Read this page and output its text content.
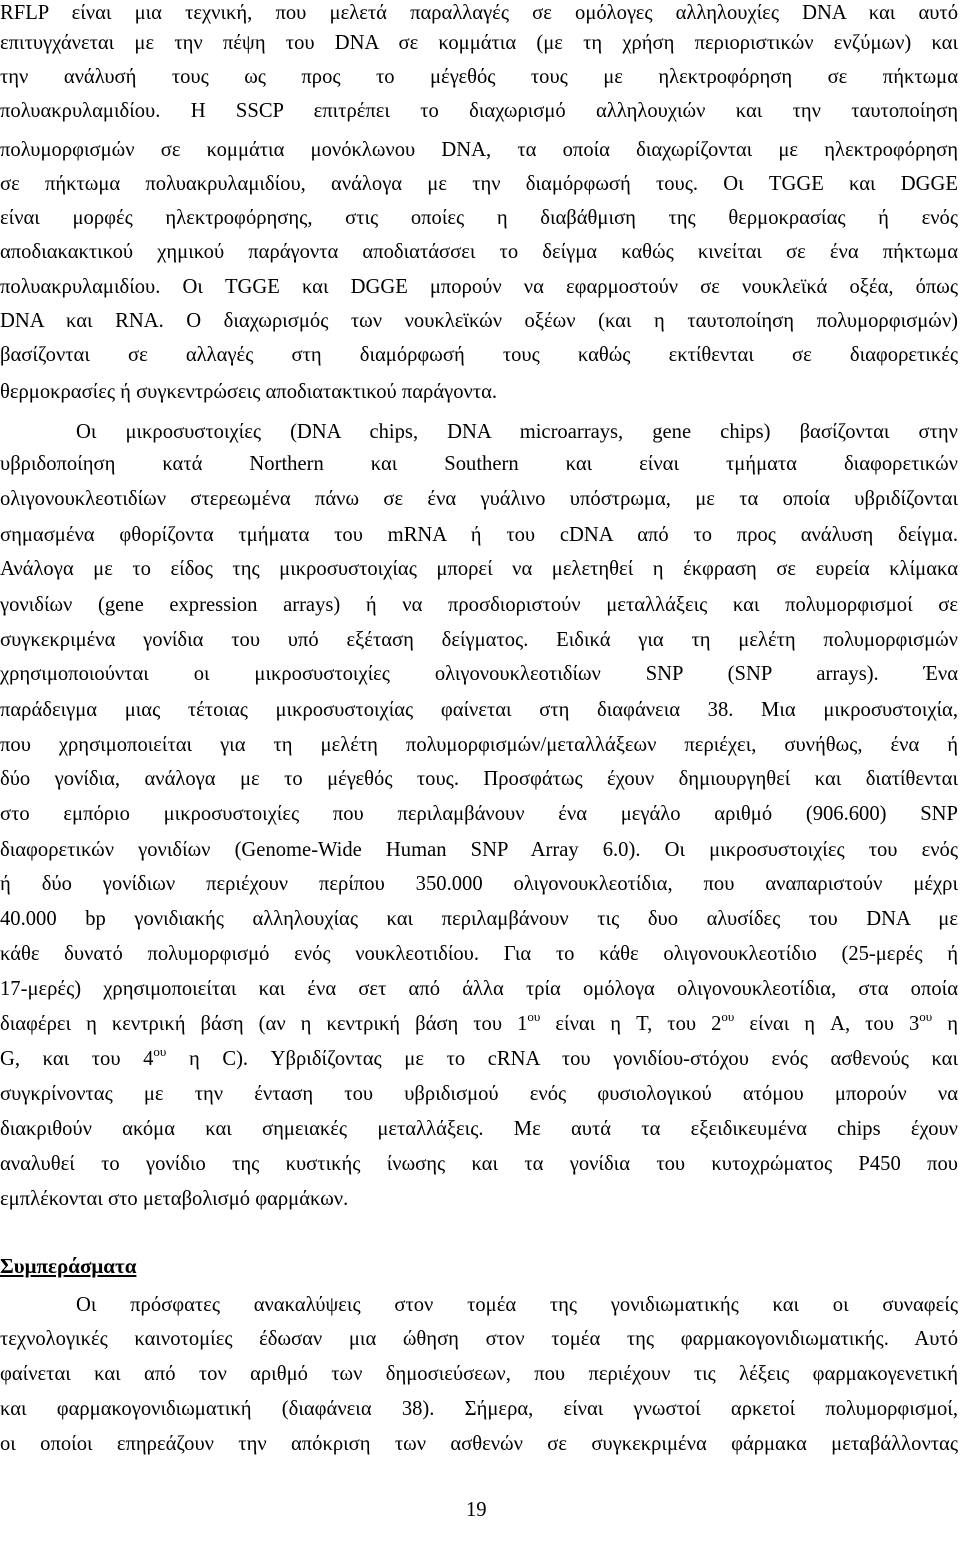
RFLP είναι μια τεχνική, που μελετά παραλλαγές σε ομόλογες αλληλουχίες DNA και αυτό
επιτυγχάνεται με την πέψη του DNA σε κομμάτια (με τη χρήση περιοριστικών ενζύμων) και
την ανάλυσή τους ως προς το μέγεθός τους με ηλεκτροφόρηση σε πήκτωμα
πολυακρυλαμιδίου. Η SSCP επιτρέπει το διαχωρισμό αλληλουχιών και την ταυτοποίηση
πολυμορφισμών σε κομμάτια μονόκλωνου DNA, τα οποία διαχωρίζονται με ηλεκτροφόρηση
σε πήκτωμα πολυακρυλαμιδίου, ανάλογα με την διαμόρφωσή τους. Οι TGGE και DGGE
είναι μορφές ηλεκτροφόρησης, στις οποίες η διαβάθμιση της θερμοκρασίας ή ενός
αποδιακακτικού χημικού παράγοντα αποδιατάσσει το δείγμα καθώς κινείται σε ένα πήκτωμα
πολυακρυλαμιδίου. Οι TGGE και DGGE μπορούν να εφαρμοστούν σε νουκλεϊκά οξέα, όπως
DNA και RNA. Ο διαχωρισμός των νουκλεϊκών οξέων (και η ταυτοποίηση πολυμορφισμών)
βασίζονται σε αλλαγές στη διαμόρφωσή τους καθώς εκτίθενται σε διαφορετικές
θερμοκρασίες ή συγκεντρώσεις αποδιατακτικού παράγοντα.
Οι μικροσυστοιχίες (DNA chips, DNA microarrays, gene chips) βασίζονται στην
υβριδοποίηση κατά Northern και Southern και είναι τμήματα διαφορετικών
ολιγονουκλεοτιδίων στερεωμένα πάνω σε ένα γυάλινο υπόστρωμα, με τα οποία υβριδίζονται
σημασμένα φθορίζοντα τμήματα του mRNA ή του cDNA από το προς ανάλυση δείγμα.
Ανάλογα με το είδος της μικροσυστοιχίας μπορεί να μελετηθεί η έκφραση σε ευρεία κλίμακα
γονιδίων (gene expression arrays) ή να προσδιοριστούν μεταλλάξεις και πολυμορφισμοί σε
συγκεκριμένα γονίδια του υπό εξέταση δείγματος. Ειδικά για τη μελέτη πολυμορφισμών
χρησιμοποιούνται οι μικροσυστοιχίες ολιγονουκλεοτιδίων SNP (SNP arrays). Ένα
παράδειγμα μιας τέτοιας μικροσυστοιχίας φαίνεται στη διαφάνεια 38. Μια μικροσυστοιχία,
που χρησιμοποιείται για τη μελέτη πολυμορφισμών/μεταλλάξεων περιέχει, συνήθως, ένα ή
δύο γονίδια, ανάλογα με το μέγεθός τους. Προσφάτως έχουν δημιουργηθεί και διατίθενται
στο εμπόριο μικροσυστοιχίες που περιλαμβάνουν ένα μεγάλο αριθμό (906.600) SNP
διαφορετικών γονιδίων (Genome-Wide Human SNP Array 6.0). Οι μικροσυστοιχίες του ενός
ή δύο γονίδιων περιέχουν περίπου 350.000 ολιγονουκλεοτίδια, που αναπαριστούν μέχρι
40.000 bp γονιδιακής αλληλουχίας και περιλαμβάνουν τις δυο αλυσίδες του DNA με
κάθε δυνατό πολυμορφισμό ενός νουκλεοτιδίου. Για το κάθε ολιγονουκλεοτίδιο (25-μερές ή
17-μερές) χρησιμοποιείται και ένα σετ από άλλα τρία ομόλογα ολιγονουκλεοτίδια, στα οποία
διαφέρει η κεντρική βάση (αν η κεντρική βάση του $1^{o\upsilon}$ είναι η T, του $2^{o\upsilon}$ είναι η A, του $3^{o\upsilon}$ η
G, και του $4^{o\upsilon}$ η C). Υβριδίζοντας με το cRNA του γονιδίου-στόχου ενός ασθενούς και
συγκρίνοντας με την ένταση του υβριδισμού ενός φυσιολογικού ατόμου μπορούν να
διακριθούν ακόμα και σημειακές μεταλλάξεις. Με αυτά τα εξειδικευμένα chips έχουν
αναλυθεί το γονίδιο της κυστικής ίνωσης και τα γονίδια του κυτοχρώματος P450 που
εμπλέκονται στο μεταβολισμό φαρμάκων.
Συμπεράσματα
Οι πρόσφατες ανακαλύψεις στον τομέα της γονιδιωματικής και οι συναφείς
τεχνολογικές καινοτομίες έδωσαν μια ώθηση στον τομέα της φαρμακογονιδιωματικής. Αυτό
φαίνεται και από τον αριθμό των δημοσιεύσεων, που περιέχουν τις λέξεις φαρμακογενετική
και φαρμακογονιδιωματική (διαφάνεια 38). Σήμερα, είναι γνωστοί αρκετοί πολυμορφισμοί,
οι οποίοι επηρεάζουν την απόκριση των ασθενών σε συγκεκριμένα φάρμακα μεταβάλλοντας
19
